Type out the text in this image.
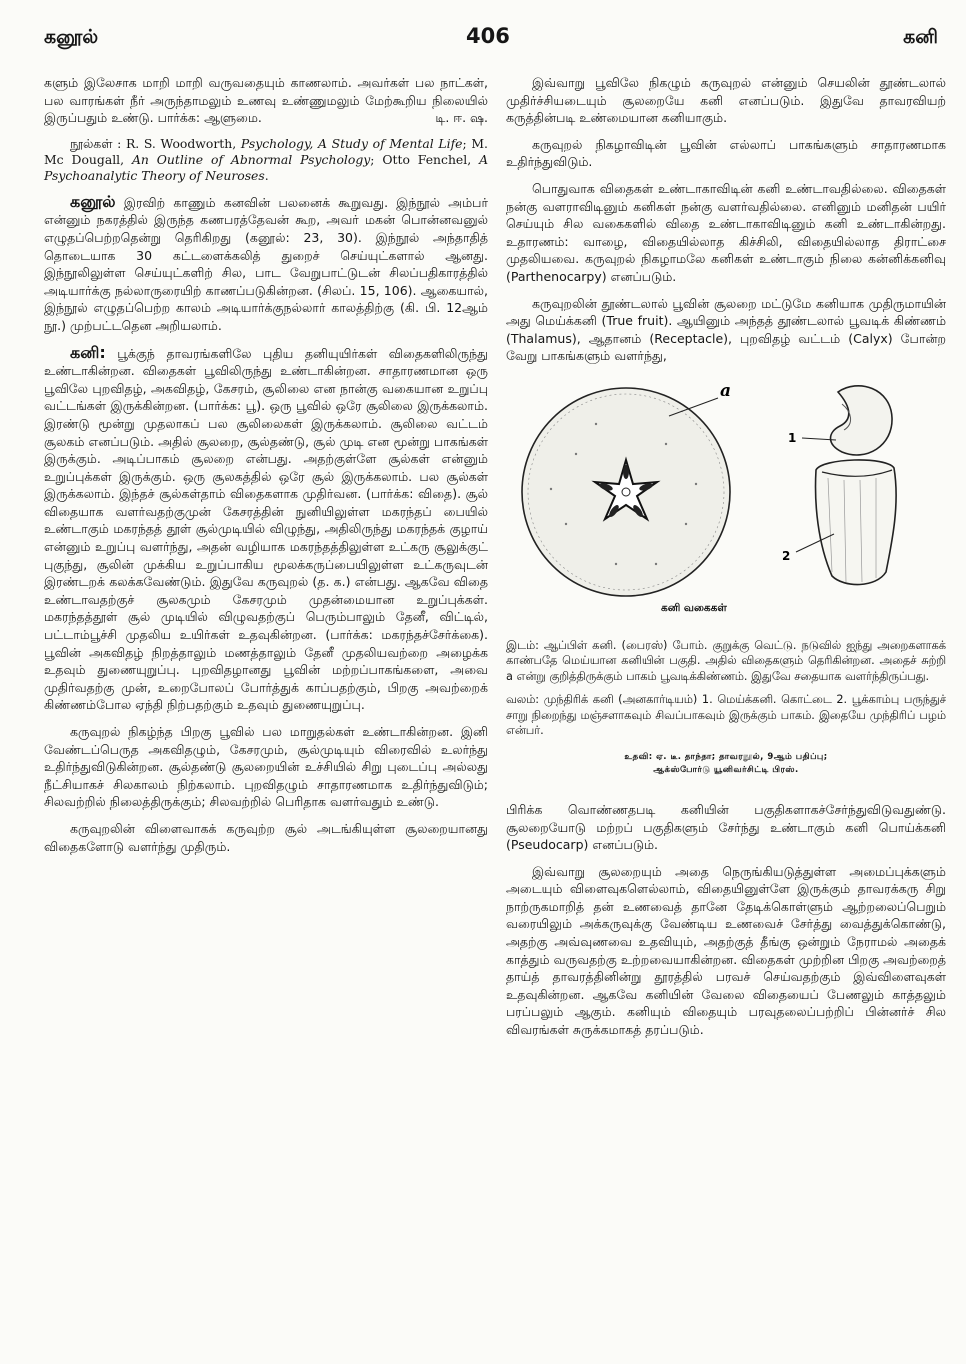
கனூல்	406	கனி

களும் இலேசாக மாறி மாறி வருவதையும் காணலாம். அவர்கள் பல நாட்கள், பல வாரங்கள் நீர் அருந்தாமலும் உணவு உண்ணுமலும் மேற்கூறிய நிலையில் இருப்பதும் உண்டு. பார்க்க: ஆளுமை.	டி. ஈ. ஷ.

நூல்கள் : R. S. Woodworth, Psychology, A Study of Mental Life; M. Mc Dougall, An Outline of Abnormal Psychology; Otto Fenchel, A Psychoanalytic Theory of Neuroses.

கனூல் இரவிற் காணும் கனவின் பலனைக் கூறுவது. இந்நூல் அம்பர் என்னும் நகரத்தில் இருந்த கணபரத்தேவன் கூற, அவர் மகன் பொன்னவனுல் எழுதப்பெற்றதென்று தெரிகிறது (கனூல்: 23, 30). இந்நூல் அந்தாதித் தொடையாக 30 கட்டளைக்கலித் துறைச் செய்யுட்களால் ஆனது. இந்நூலிலுள்ள செய்யுட்களிற் சில, பாட வேறுபாட்டுடன் சிலப்பதிகாரத்தில் அடியார்க்கு நல்லாருரையிற் காணப்படுகின்றன. (சிலப். 15, 106). ஆகையால், இந்நூல் எழுதப்பெற்ற காலம் அடியார்க்குநல்லார் காலத்திற்கு (கி. பி. 12ஆம் நூ.) முற்பட்டதென அறியலாம்.

கனி: பூக்குந் தாவரங்களிலே புதிய தனியுயிர்கள் விதைகளிலிருந்து உண்டாகின்றன. விதைகள் பூவிலிருந்து உண்டாகின்றன. சாதாரணமான ஒரு பூவிலே புறவிதழ், அகவிதழ், கேசரம், சூலிலை என நான்கு வகையான உறுப்பு வட்டங்கள் இருக்கின்றன. (பார்க்க: பூ). ஒரு பூவில் ஒரே சூலிலை இருக்கலாம். இரண்டு மூன்று முதலாகப் பல சூலிலைகள் இருக்கலாம். சூலிலை வட்டம் சூலகம் எனப்படும். அதில் சூலறை, சூல்தண்டு, சூல் முடி என மூன்று பாகங்கள் இருக்கும். அடிப்பாகம் சூலறை என்பது. அதற்குள்ளே சூல்கள் என்னும் உறுப்புக்கள் இருக்கும். ஒரு சூலகத்தில் ஒரே சூல் இருக்கலாம். பல சூல்கள் இருக்கலாம். இந்தச் சூல்கள்தாம் விதைகளாக முதிர்வன. (பார்க்க: விதை). சூல் விதையாக வளர்வதற்குமுன் கேசரத்தின் நுனியிலுள்ள மகரந்தப் பையில் உண்டாகும் மகரந்தத் தூள் சூல்முடியில் விழுந்து, அதிலிருந்து மகரந்தக் குழாய் என்னும் உறுப்பு வளர்ந்து, அதன் வழியாக மகரந்தத்திலுள்ள உட்கரு சூலுக்குட் புகுந்து, சூலின் முக்கிய உறுப்பாகிய மூலக்கருப்பையிலுள்ள உட்கருவுடன் இரண்டறக் கலக்கவேண்டும். இதுவே கருவுறல் (த. க.) என்பது. ஆகவே விதை உண்டாவதற்குச் சூலகமும் கேசரமும் முதன்மையான உறுப்புக்கள். மகரந்தத்தூள் சூல் முடியில் விழுவதற்குப் பெரும்பாலும் தேனீ, விட்டில், பட்டாம்பூச்சி முதலிய உயிர்கள் உதவுகின்றன. (பார்க்க: மகரந்தச்சேர்க்கை). பூவின் அகவிதழ் நிறத்தாலும் மணத்தாலும் தேனீ முதலியவற்றை அழைக்க உதவும் துணையுறுப்பு. புறவிதழானது பூவின் மற்றப்பாகங்களை, அவை முதிர்வதற்கு முன், உறைபோலப் போர்த்துக் காப்பதற்கும், பிறகு அவற்றைக் கிண்ணம்போல ஏந்தி நிற்பதற்கும் உதவும் துணையுறுப்பு.

கருவுறல் நிகழ்ந்த பிறகு பூவில் பல மாறுதல்கள் உண்டாகின்றன. இனி வேண்டப்பெருத அகவிதழும், கேசரமும், சூல்முடியும் விரைவில் உலர்ந்து உதிர்ந்துவிடுகின்றன. சூல்தண்டு சூலறையின் உச்சியில் சிறு புடைப்பு அல்லது நீட்சியாகச் சிலகாலம் நிற்கலாம். புறவிதழும் சாதாரணமாக உதிர்ந்துவிடும்; சிலவற்றில் நிலைத்திருக்கும்; சிலவற்றில் பெரிதாக வளர்வதும் உண்டு.

கருவுறலின் விளைவாகக் கருவுற்ற சூல் அடங்கியுள்ள சூலறையானது விதைகளோடு வளர்ந்து முதிரும்.

இவ்வாறு பூவிலே நிகழும் கருவுறல் என்னும் செயலின் தூண்டலால் முதிர்ச்சியடையும் சூலறையே கனி எனப்படும். இதுவே தாவரவியற் கருத்தின்படி உண்மையான கனியாகும்.

கருவுறல் நிகழாவிடின் பூவின் எல்லாப் பாகங்களும் சாதாரணமாக உதிர்ந்துவிடும்.

பொதுவாக விதைகள் உண்டாகாவிடின் கனி உண்டாவதில்லை. விதைகள் நன்கு வளராவிடினும் கனிகள் நன்கு வளர்வதில்லை. எனினும் மனிதன் பயிர் செய்யும் சில வகைகளில் விதை உண்டாகாவிடினும் கனி உண்டாகின்றது. உதாரணம்: வாழை, விதையில்லாத கிச்சிலி, விதையில்லாத திராட்சை முதலியவை. கருவுறல் நிகழாமலே கனிகள் உண்டாகும் நிலை கன்னிக்கனிவு (Parthenocarpy) எனப்படும்.

கருவுறலின் தூண்டலால் பூவின் சூலறை மட்டுமே கனியாக முதிருமாயின் அது மெய்க்கனி (True fruit). ஆயினும் அந்தத் தூண்டலால் பூவடிக் கிண்ணம் (Thalamus), ஆதானம் (Receptacle), புறவிதழ் வட்டம் (Calyx) போன்ற வேறு பாகங்களும் வளர்ந்து,

a
1
2
கனி வகைகள்

இடம்: ஆப்பிள் கனி. (பைரஸ்) போம். குறுக்கு வெட்டு. நடுவில் ஐந்து அறைகளாகக் காண்பதே மெய்யான கனியின் பகுதி. அதில் விதைகளும் தெரிகின்றன. அதைச் சுற்றி a என்று குறித்திருக்கும் பாகம் பூவடிக்கிண்ணம். இதுவே சதையாக வளர்ந்திருப்பது.

வலம்: முந்திரிக் கனி (அனகார்டியம்) 1. மெய்க்கனி. கொட்டை 2. பூக்காம்பு பருந்துச் சாறு நிறைந்து மஞ்சளாகவும் சிவப்பாகவும் இருக்கும் பாகம். இதையே முந்திரிப் பழம் என்பர்.

உதவி: ஏ. டீ. தாந்தா; தாவரநூல், 9ஆம் பதிப்பு;
ஆக்ஸ்போர்டு யூனிவர்சிட்டி பிரஸ்.

பிரிக்க வொண்ணதபடி கனியின் பகுதிகளாகச்சேர்ந்துவிடுவதுண்டு. சூலறையோடு மற்றப் பகுதிகளும் சேர்ந்து உண்டாகும் கனி பொய்க்கனி (Pseudocarp) எனப்படும்.

இவ்வாறு சூலறையும் அதை நெருங்கியடுத்துள்ள அமைப்புக்களும் அடையும் விளைவுகளெல்லாம், விதையினுள்ளே இருக்கும் தாவரக்கரு சிறு நாற்ருகமாறித் தன் உணவைத் தானே தேடிக்கொள்ளும் ஆற்றலைப்பெறும் வரையிலும் அக்கருவுக்கு வேண்டிய உணவைச் சேர்த்து வைத்துக்கொண்டு, அதற்கு அவ்வுணவை உதவியும், அதற்குத் தீங்கு ஒன்றும் நேராமல் அதைக் காத்தும் வருவதற்கு உற்றவையாகின்றன. விதைகள் முற்றின பிறகு அவற்றைத் தாய்த் தாவரத்தினின்று தூரத்தில் பரவச் செய்வதற்கும் இவ்விளைவுகள் உதவுகின்றன. ஆகவே கனியின் வேலை விதையைப் பேணலும் காத்தலும் பரப்பலும் ஆகும். கனியும் விதையும் பரவுதலைப்பற்றிப் பின்னர்ச் சில விவரங்கள் சுருக்கமாகத் தரப்படும்.
